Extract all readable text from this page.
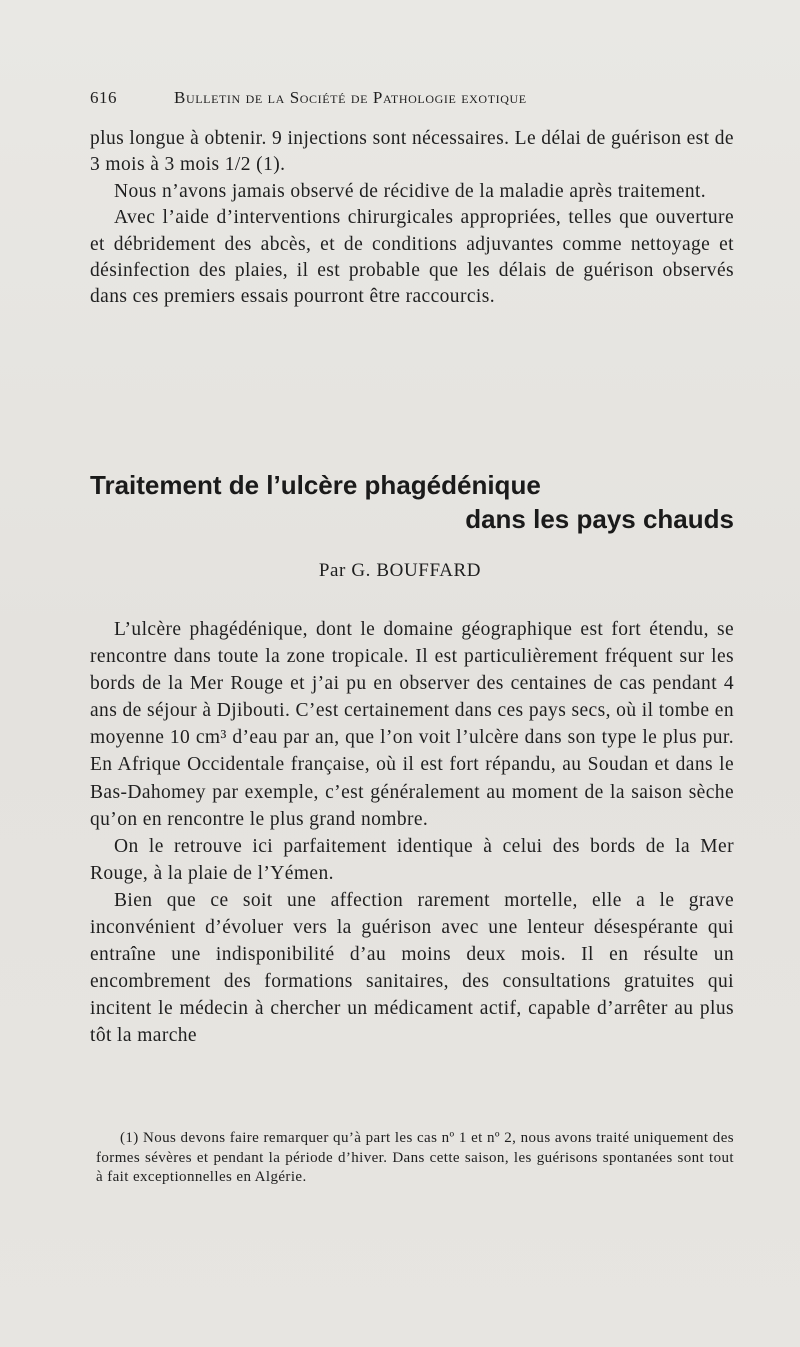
616	Bulletin de la Société de Pathologie exotique

plus longue à obtenir. 9 injections sont nécessaires. Le délai de guérison est de 3 mois à 3 mois 1/2 (1).

Nous n’avons jamais observé de récidive de la maladie après traitement.

Avec l’aide d’interventions chirurgicales appropriées, telles que ouverture et débridement des abcès, et de conditions adjuvantes comme nettoyage et désinfection des plaies, il est probable que les délais de guérison observés dans ces premiers essais pourront être raccourcis.

Traitement de l’ulcère phagédénique
dans les pays chauds
Par G. BOUFFARD

L’ulcère phagédénique, dont le domaine géographique est fort étendu, se rencontre dans toute la zone tropicale. Il est particulièrement fréquent sur les bords de la Mer Rouge et j’ai pu en observer des centaines de cas pendant 4 ans de séjour à Djibouti. C’est certainement dans ces pays secs, où il tombe en moyenne 10 cm³ d’eau par an, que l’on voit l’ulcère dans son type le plus pur. En Afrique Occidentale française, où il est fort répandu, au Soudan et dans le Bas-Dahomey par exemple, c’est généralement au moment de la saison sèche qu’on en rencontre le plus grand nombre.

On le retrouve ici parfaitement identique à celui des bords de la Mer Rouge, à la plaie de l’Yémen.

Bien que ce soit une affection rarement mortelle, elle a le grave inconvénient d’évoluer vers la guérison avec une lenteur désespérante qui entraîne une indisponibilité d’au moins deux mois. Il en résulte un encombrement des formations sanitaires, des consultations gratuites qui incitent le médecin à chercher un médicament actif, capable d’arrêter au plus tôt la marche

(1) Nous devons faire remarquer qu’à part les cas nº 1 et nº 2, nous avons traité uniquement des formes sévères et pendant la période d’hiver. Dans cette saison, les guérisons spontanées sont tout à fait exceptionnelles en Algérie.
